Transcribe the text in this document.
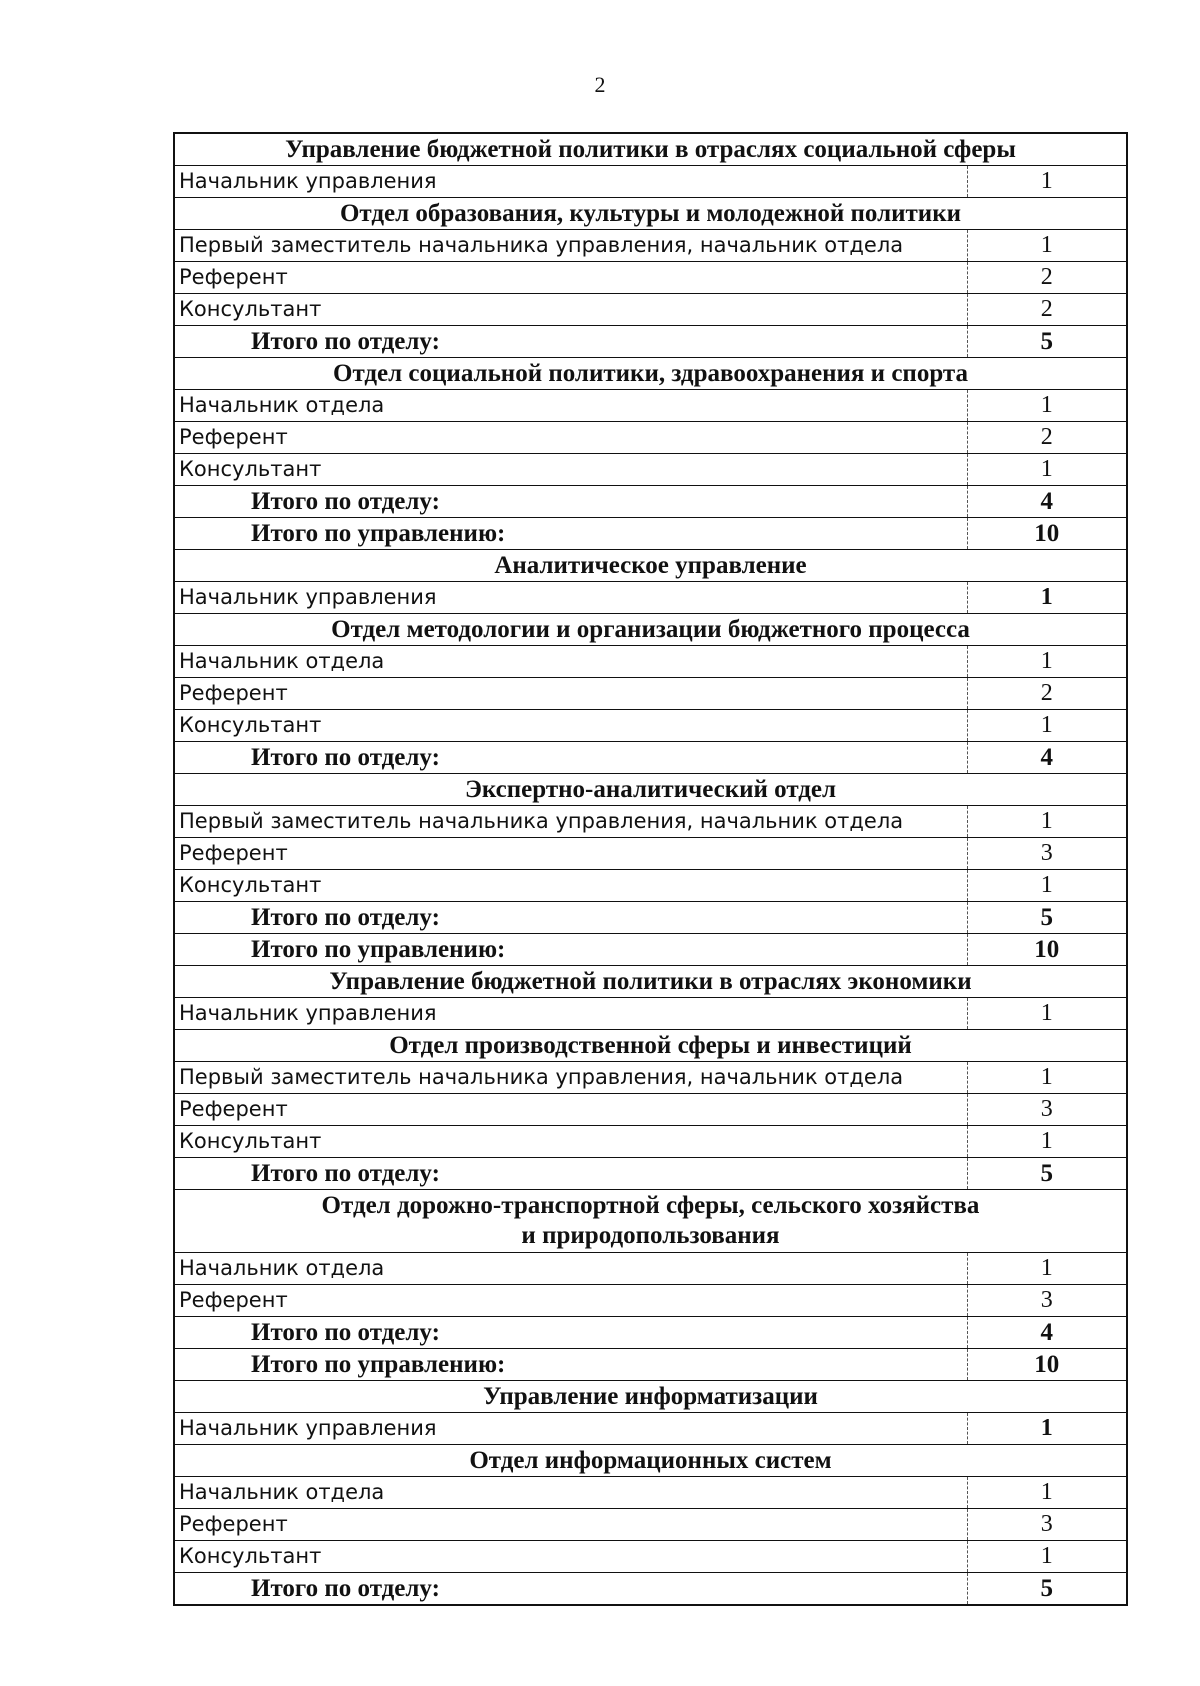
2
Управление бюджетной политики в отраслях социальной сферы	
Начальник управления	1
Отдел образования, культуры и молодежной политики	
Первый заместитель начальника управления, начальник отдела	1
Референт	2
Консультант	2
Итого по отделу:	5
Отдел социальной политики, здравоохранения и спорта	
Начальник отдела	1
Референт	2
Консультант	1
Итого по отделу:	4
Итого по управлению:	10
Аналитическое управление	
Начальник управления	1
Отдел методологии и организации бюджетного процесса	
Начальник отдела	1
Референт	2
Консультант	1
Итого по отделу:	4
Экспертно-аналитический отдел	
Первый заместитель начальника управления, начальник отдела	1
Референт	3
Консультант	1
Итого по отделу:	5
Итого по управлению:	10
Управление бюджетной политики в отраслях экономики	
Начальник управления	1
Отдел производственной сферы и инвестиций	
Первый заместитель начальника управления, начальник отдела	1
Референт	3
Консультант	1
Итого по отделу:	5
Отдел дорожно-транспортной сферы, сельского хозяйства
и природопользования	
Начальник отдела	1
Референт	3
Итого по отделу:	4
Итого по управлению:	10
Управление информатизации	
Начальник управления	1
Отдел информационных систем	
Начальник отдела	1
Референт	3
Консультант	1
Итого по отделу:	5
